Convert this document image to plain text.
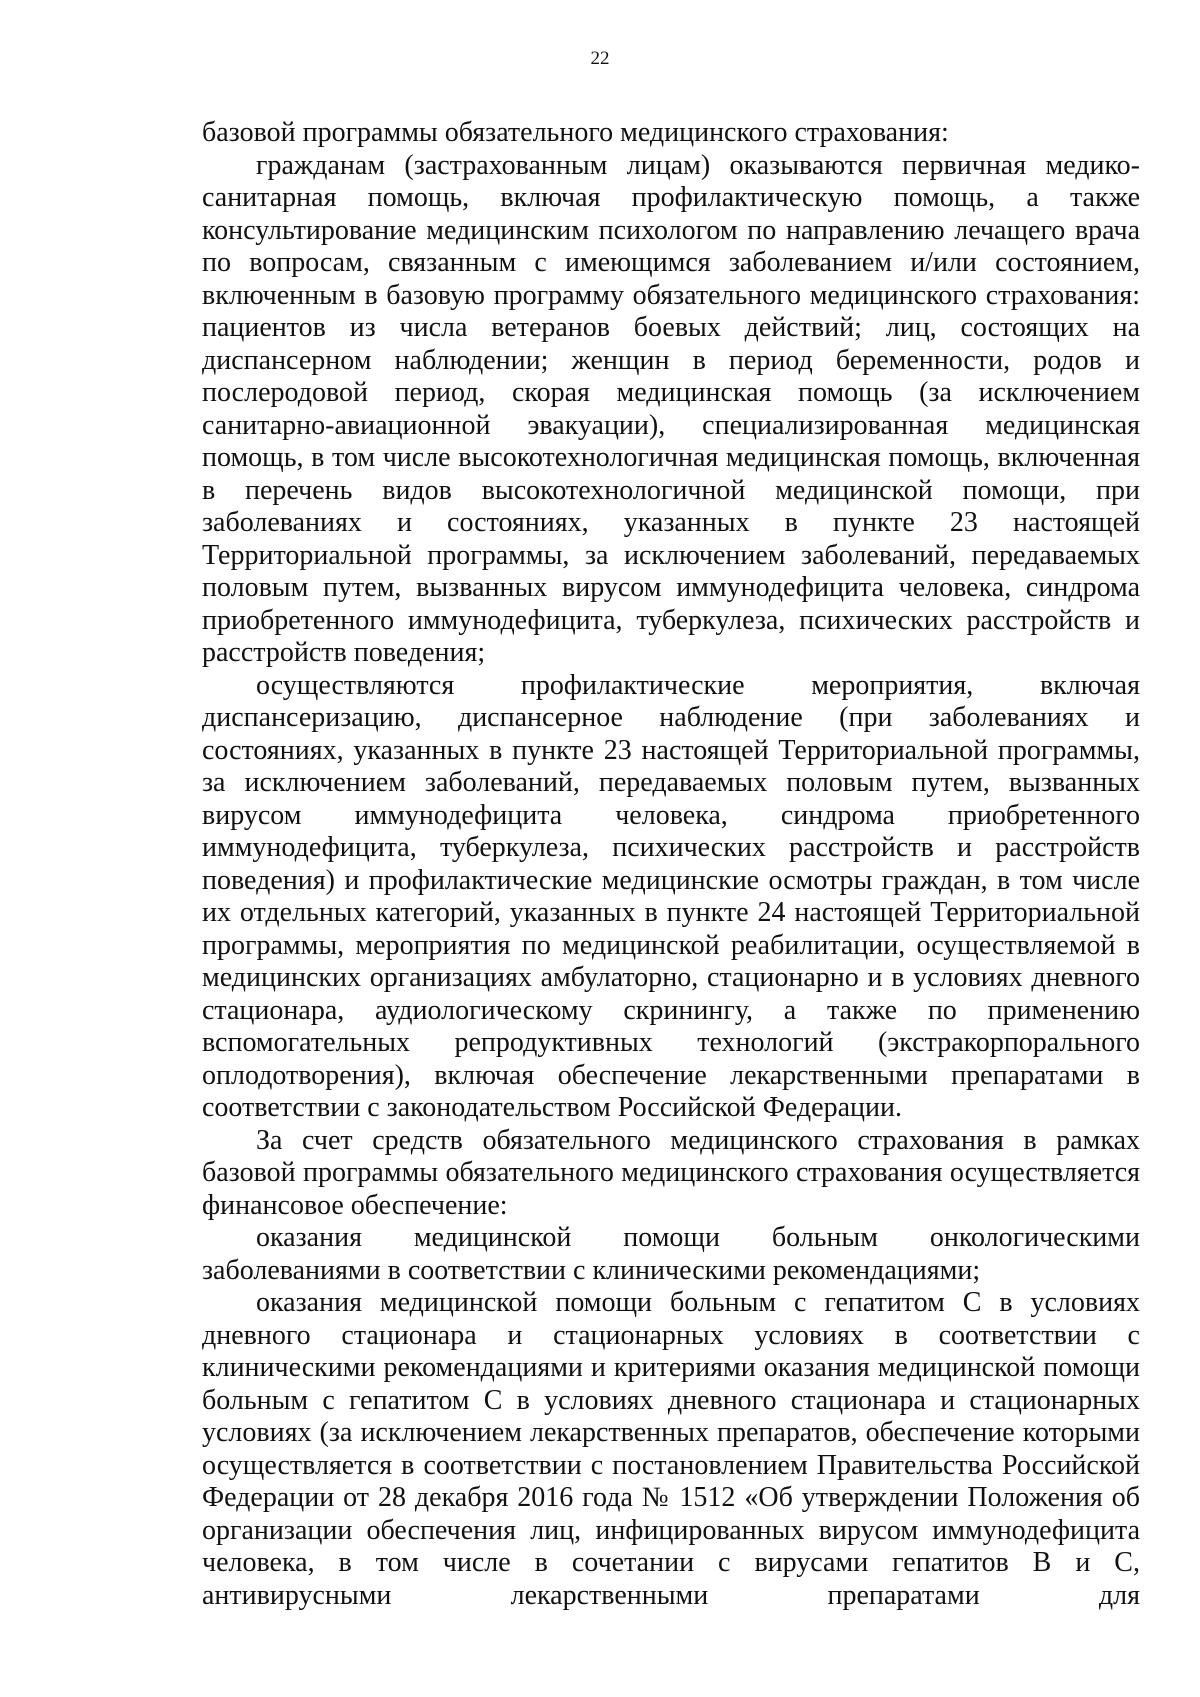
22

базовой программы обязательного медицинского страхования:

гражданам (застрахованным лицам) оказываются первичная медико-санитарная помощь, включая профилактическую помощь, а также консультирование медицинским психологом по направлению лечащего врача по вопросам, связанным с имеющимся заболеванием и/или состоянием, включенным в базовую программу обязательного медицинского страхования: пациентов из числа ветеранов боевых действий; лиц, состоящих на диспансерном наблюдении; женщин в период беременности, родов и послеродовой период, скорая медицинская помощь (за исключением санитарно-авиационной эвакуации), специализированная медицинская помощь, в том числе высокотехнологичная медицинская помощь, включенная в перечень видов высокотехнологичной медицинской помощи, при заболеваниях и состояниях, указанных в пункте 23 настоящей Территориальной программы, за исключением заболеваний, передаваемых половым путем, вызванных вирусом иммунодефицита человека, синдрома приобретенного иммунодефицита, туберкулеза, психических расстройств и расстройств поведения;

осуществляются профилактические мероприятия, включая диспансеризацию, диспансерное наблюдение (при заболеваниях и состояниях, указанных в пункте 23 настоящей Территориальной программы, за исключением заболеваний, передаваемых половым путем, вызванных вирусом иммунодефицита человека, синдрома приобретенного иммунодефицита, туберкулеза, психических расстройств и расстройств поведения) и профилактические медицинские осмотры граждан, в том числе их отдельных категорий, указанных в пункте 24 настоящей Территориальной программы, мероприятия по медицинской реабилитации, осуществляемой в медицинских организациях амбулаторно, стационарно и в условиях дневного стационара, аудиологическому скринингу, а также по применению вспомогательных репродуктивных технологий (экстракорпорального оплодотворения), включая обеспечение лекарственными препаратами в соответствии с законодательством Российской Федерации.

За счет средств обязательного медицинского страхования в рамках базовой программы обязательного медицинского страхования осуществляется финансовое обеспечение:

оказания медицинской помощи больным онкологическими заболеваниями в соответствии с клиническими рекомендациями;

оказания медицинской помощи больным с гепатитом С в условиях дневного стационара и стационарных условиях в соответствии с клиническими рекомендациями и критериями оказания медицинской помощи больным с гепатитом С в условиях дневного стационара и стационарных условиях (за исключением лекарственных препаратов, обеспечение которыми осуществляется в соответствии с постановлением Правительства Российской Федерации от 28 декабря 2016 года № 1512 «Об утверждении Положения об организации обеспечения лиц, инфицированных вирусом иммунодефицита человека, в том числе в сочетании с вирусами гепатитов В и С, антивирусными лекарственными препаратами для
